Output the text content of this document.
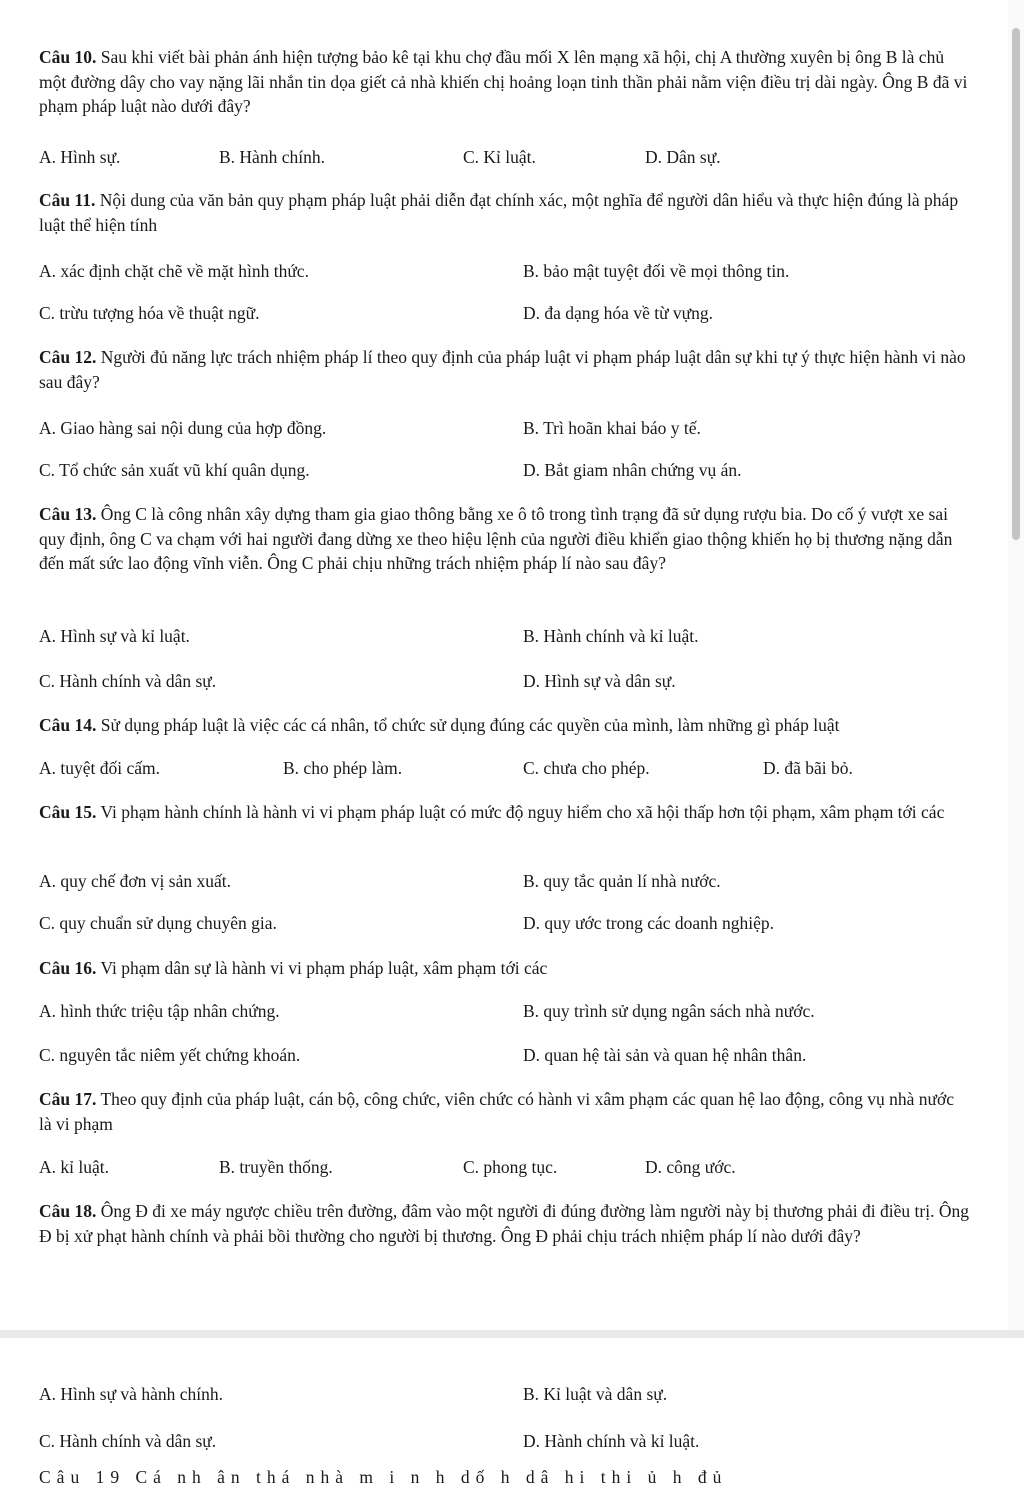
Câu 10. Sau khi viết bài phản ánh hiện tượng bảo kê tại khu chợ đầu mối X lên mạng xã hội, chị A thường xuyên bị ông B là chủ một đường dây cho vay nặng lãi nhắn tin dọa giết cả nhà khiến chị hoảng loạn tinh thần phải nằm viện điều trị dài ngày. Ông B đã vi phạm pháp luật nào dưới đây?

A. Hình sự.	B. Hành chính.	C. Kỉ luật.	D. Dân sự.

Câu 11. Nội dung của văn bản quy phạm pháp luật phải diễn đạt chính xác, một nghĩa để người dân hiểu và thực hiện đúng là pháp luật thể hiện tính

A. xác định chặt chẽ về mặt hình thức.	B. bảo mật tuyệt đối về mọi thông tin.
C. trừu tượng hóa về thuật ngữ.	D. đa dạng hóa về từ vựng.

Câu 12. Người đủ năng lực trách nhiệm pháp lí theo quy định của pháp luật vi phạm pháp luật dân sự khi tự ý thực hiện hành vi nào sau đây?

A. Giao hàng sai nội dung của hợp đồng.	B. Trì hoãn khai báo y tế.
C. Tổ chức sản xuất vũ khí quân dụng.	D. Bắt giam nhân chứng vụ án.

Câu 13. Ông C là công nhân xây dựng tham gia giao thông bằng xe ô tô trong tình trạng đã sử dụng rượu bia. Do cố ý vượt xe sai quy định, ông C va chạm với hai người đang dừng xe theo hiệu lệnh của người điều khiển giao thộng khiến họ bị thương nặng dẫn đến mất sức lao động vĩnh viễn. Ông C phải chịu những trách nhiệm pháp lí nào sau đây?

A. Hình sự và kỉ luật.	B. Hành chính và kỉ luật.
C. Hành chính và dân sự.	D. Hình sự và dân sự.

Câu 14. Sử dụng pháp luật là việc các cá nhân, tổ chức sử dụng đúng các quyền của mình, làm những gì pháp luật

A. tuyệt đối cấm.	B. cho phép làm.	C. chưa cho phép.	D. đã bãi bỏ.

Câu 15. Vi phạm hành chính là hành vi vi phạm pháp luật có mức độ nguy hiểm cho xã hội thấp hơn tội phạm, xâm phạm tới các

A. quy chế đơn vị sản xuất.	B. quy tắc quản lí nhà nước.
C. quy chuẩn sử dụng chuyên gia.	D. quy ước trong các doanh nghiệp.

Câu 16. Vi phạm dân sự là hành vi vi phạm pháp luật, xâm phạm tới các

A. hình thức triệu tập nhân chứng.	B. quy trình sử dụng ngân sách nhà nước.
C. nguyên tắc niêm yết chứng khoán.	D. quan hệ tài sản và quan hệ nhân thân.

Câu 17. Theo quy định của pháp luật, cán bộ, công chức, viên chức có hành vi xâm phạm các quan hệ lao động, công vụ nhà nước là vi phạm

A. kỉ luật.	B. truyền thống.	C. phong tục.	D. công ước.

Câu 18. Ông Đ đi xe máy ngược chiều trên đường, đâm vào một người đi đúng đường làm người này bị thương phải đi điều trị. Ông Đ bị xử phạt hành chính và phải bồi thường cho người bị thương. Ông Đ phải chịu trách nhiệm pháp lí nào dưới đây?

A. Hình sự và hành chính.	B. Kỉ luật và dân sự.
C. Hành chính và dân sự.	D. Hành chính và kỉ luật.
Câu 19 Cá nh ân thá nhà m i n h dố h dâ hi thi ủ h đủ
